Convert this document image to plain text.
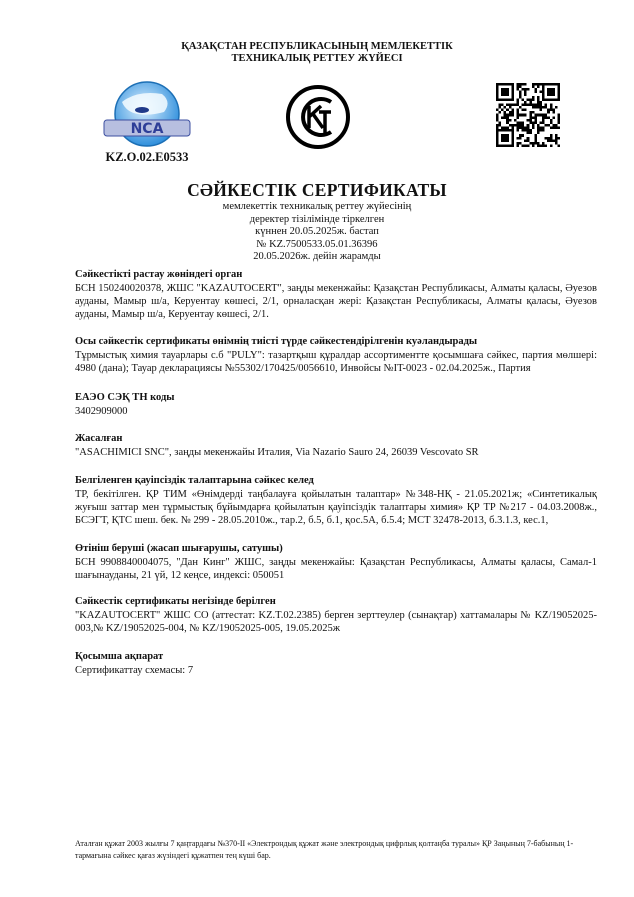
ҚАЗАҚСТАН РЕСПУБЛИКАСЫНЫҢ МЕМЛЕКЕТТІК
ТЕХНИКАЛЫҚ РЕТТЕУ ЖҮЙЕСІ
NCA
KZ.O.02.E0533
СӘЙКЕСТІК СЕРТИФИКАТЫ
мемлекеттік техникалық реттеу жүйесінің
деректер тізілімінде тіркелген
күннен 20.05.2025ж. бастап
№ KZ.7500533.05.01.36396
20.05.2026ж. дейін жарамды
Сәйкестікті растау жөніндегі орган

БСН 150240020378, ЖШС "KAZAUTOCERT", заңды мекенжайы: Қазақстан Республикасы, Алматы қаласы, Әуезов ауданы, Мамыр ш/а, Керуентау көшесі, 2/1, орналасқан жері: Қазақстан Республикасы, Алматы қаласы, Әуезов ауданы, Мамыр ш/а, Керуентау көшесі, 2/1.

Осы сәйкестік сертификаты өнімнің тиісті түрде сәйкестендірілгенін куәландырады

Тұрмыстық химия тауарлары с.б "PULY": тазартқыш құралдар ассортиментте қосымшаға сәйкес, партия мөлшері: 4980 (дана); Тауар декларациясы №55302/170425/0056610, Инвойсы №IT-0023 - 02.04.2025ж., Партия

ЕАЭО СЭҚ ТН коды

3402909000

Жасалған

"ASACHIMICI SNC", заңды мекенжайы Италия, Via Nazario Sauro 24, 26039 Vescovato SR

Белгіленген қауіпсіздік талаптарына сәйкес келед

ТР, бекітілген. ҚР ТИМ «Өнімдерді таңбалауға қойылатын талаптар» №348-НҚ - 21.05.2021ж; «Синтетикалық жуғыш заттар мен тұрмыстық бұйымдарға қойылатын қауіпсіздік талаптары химия» ҚР ТР №217 - 04.03.2008ж., БСЭГТ, ҚТС шеш. бек. № 299 - 28.05.2010ж., тар.2, б.5, б.1, қос.5А, б.5.4; МСТ 32478-2013, б.3.1.3, кес.1,

Өтініш беруші (жасап шығарушы, сатушы)

БСН 9908840004075, "Дан Кинг" ЖШС, заңды мекенжайы: Қазақстан Республикасы, Алматы қаласы, Самал-1 шағынауданы, 21 үй, 12 кеңсе, индексі: 050051

Сәйкестік сертификаты негізінде берілген

"KAZAUTOCERT" ЖШС СО (аттестат: KZ.T.02.2385) берген зерттеулер (сынақтар) хаттамалары № KZ/19052025-003,№ KZ/19052025-004, № KZ/19052025-005, 19.05.2025ж

Қосымша ақпарат

Сертификаттау схемасы: 7

Аталған құжат 2003 жылғы 7 қаңтардағы №370-ІІ «Электрондық құжат және электрондық цифрлық қолтаңба туралы» ҚР Заңының 7-бабының 1-тармағына сәйкес қағаз жүзіндегі құжатпен тең күші бар.
